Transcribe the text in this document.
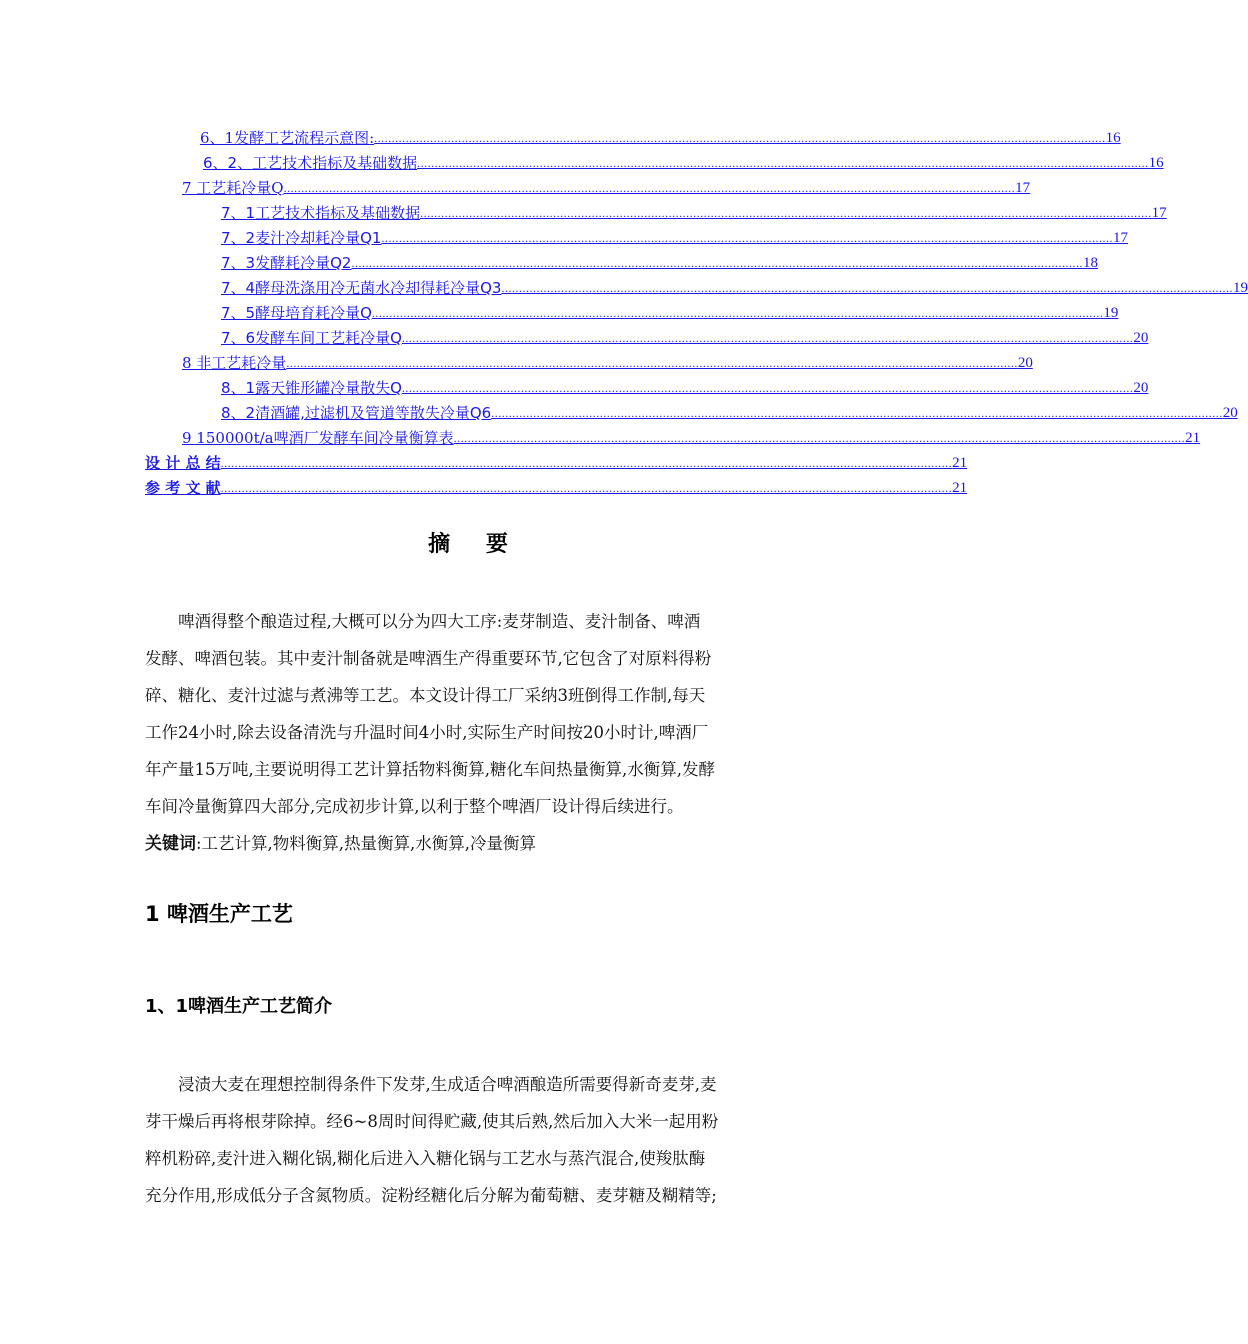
6、1发酵工艺流程示意图: ................................................................................................................................................................................................................. 16
6、2、工艺技术指标及基础数据 ................................................................................................................................................................................................................. 16
7 工艺耗冷量Q ................................................................................................................................................................................................................. 17
7、1工艺技术指标及基础数据 ................................................................................................................................................................................................................. 17
7、2麦汁冷却耗冷量Q1 ................................................................................................................................................................................................................. 17
7、3发酵耗冷量Q2 ................................................................................................................................................................................................................. 18
7、4酵母洗涤用冷无菌水冷却得耗冷量Q3 ................................................................................................................................................................................................................. 19
7、5酵母培育耗冷量Q ................................................................................................................................................................................................................. 19
7、6发酵车间工艺耗冷量Q ................................................................................................................................................................................................................. 20
8 非工艺耗冷量 ................................................................................................................................................................................................................. 20
8、1露天锥形罐冷量散失Q ................................................................................................................................................................................................................. 20
8、2清酒罐,过滤机及管道等散失冷量Q6 ................................................................................................................................................................................................................. 20
9 150000t/a啤酒厂发酵车间冷量衡算表 ................................................................................................................................................................................................................. 21
设 计 总 结 ................................................................................................................................................................................................................. 21
参 考 文 献 ................................................................................................................................................................................................................. 21
摘 要
啤酒得整个酿造过程,大概可以分为四大工序:麦芽制造、麦汁制备、啤酒
发酵、啤酒包装。其中麦汁制备就是啤酒生产得重要环节,它包含了对原料得粉
碎、糖化、麦汁过滤与煮沸等工艺。本文设计得工厂采纳3班倒得工作制,每天
工作24小时,除去设备清洗与升温时间4小时,实际生产时间按20小时计,啤酒厂
年产量15万吨,主要说明得工艺计算括物料衡算,糖化车间热量衡算,水衡算,发酵
车间冷量衡算四大部分,完成初步计算,以利于整个啤酒厂设计得后续进行。
关键词:工艺计算,物料衡算,热量衡算,水衡算,冷量衡算
1 啤酒生产工艺
1、1啤酒生产工艺简介
浸渍大麦在理想控制得条件下发芽,生成适合啤酒酿造所需要得新奇麦芽,麦
芽干燥后再将根芽除掉。经6~8周时间得贮藏,使其后熟,然后加入大米一起用粉
粹机粉碎,麦汁进入糊化锅,糊化后进入入糖化锅与工艺水与蒸汽混合,使羧肽酶
充分作用,形成低分子含氮物质。淀粉经糖化后分解为葡萄糖、麦芽糖及糊精等;
